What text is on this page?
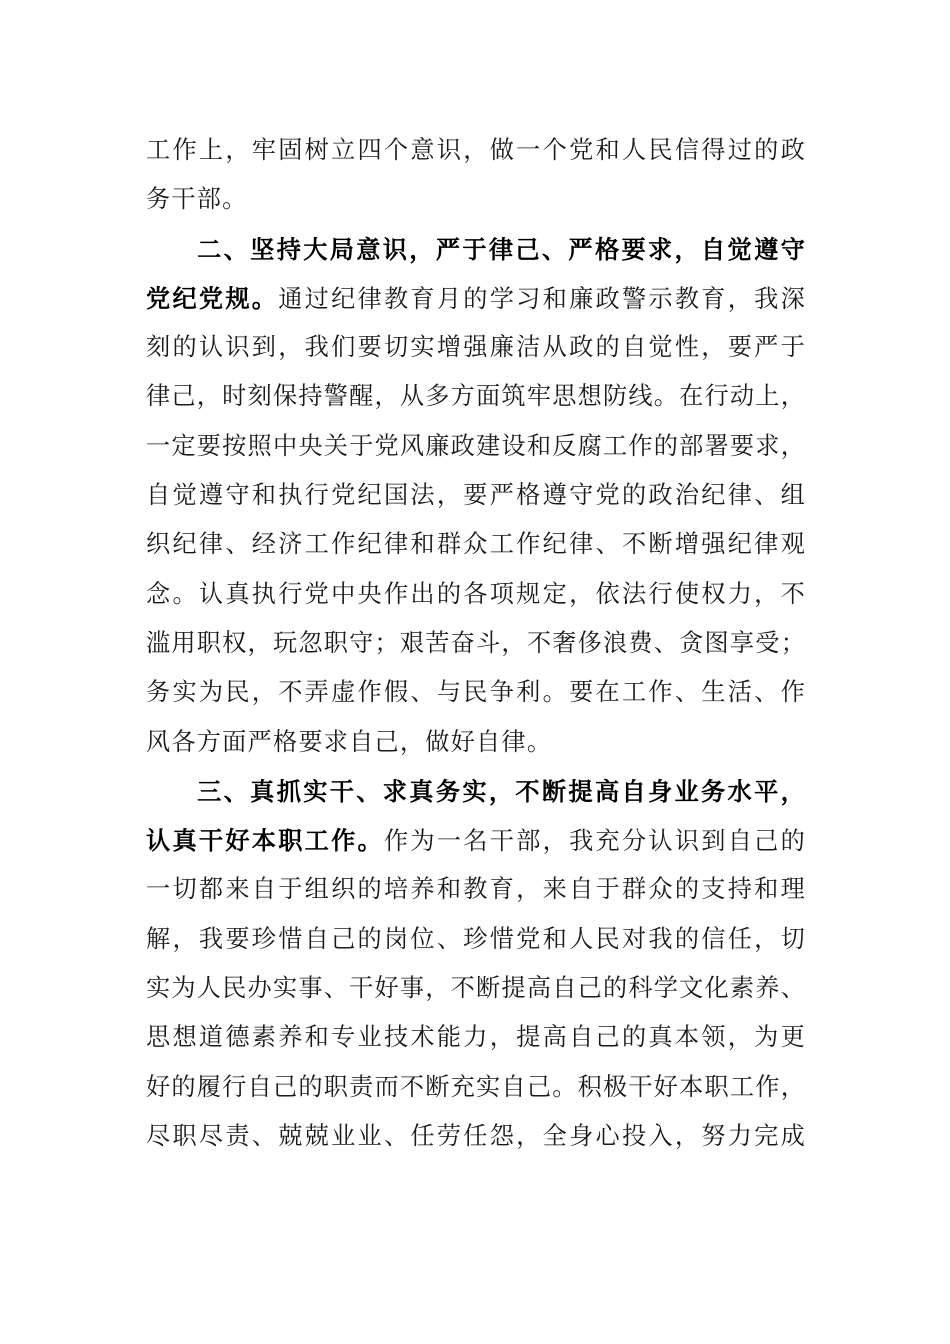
工作上，牢固树立四个意识，做一个党和人民信得过的政
务干部。
二、坚持大局意识，严于律己、严格要求，自觉遵守
党纪党规。通过纪律教育月的学习和廉政警示教育，我深
刻的认识到，我们要切实增强廉洁从政的自觉性，要严于
律己，时刻保持警醒，从多方面筑牢思想防线。在行动上，
一定要按照中央关于党风廉政建设和反腐工作的部署要求，
自觉遵守和执行党纪国法，要严格遵守党的政治纪律、组
织纪律、经济工作纪律和群众工作纪律、不断增强纪律观
念。认真执行党中央作出的各项规定，依法行使权力，不
滥用职权，玩忽职守；艰苦奋斗，不奢侈浪费、贪图享受；
务实为民，不弄虚作假、与民争利。要在工作、生活、作
风各方面严格要求自己，做好自律。
三、真抓实干、求真务实，不断提高自身业务水平，
认真干好本职工作。作为一名干部，我充分认识到自己的
一切都来自于组织的培养和教育，来自于群众的支持和理
解，我要珍惜自己的岗位、珍惜党和人民对我的信任，切
实为人民办实事、干好事，不断提高自己的科学文化素养、
思想道德素养和专业技术能力，提高自己的真本领，为更
好的履行自己的职责而不断充实自己。积极干好本职工作，
尽职尽责、兢兢业业、任劳任怨，全身心投入，努力完成
